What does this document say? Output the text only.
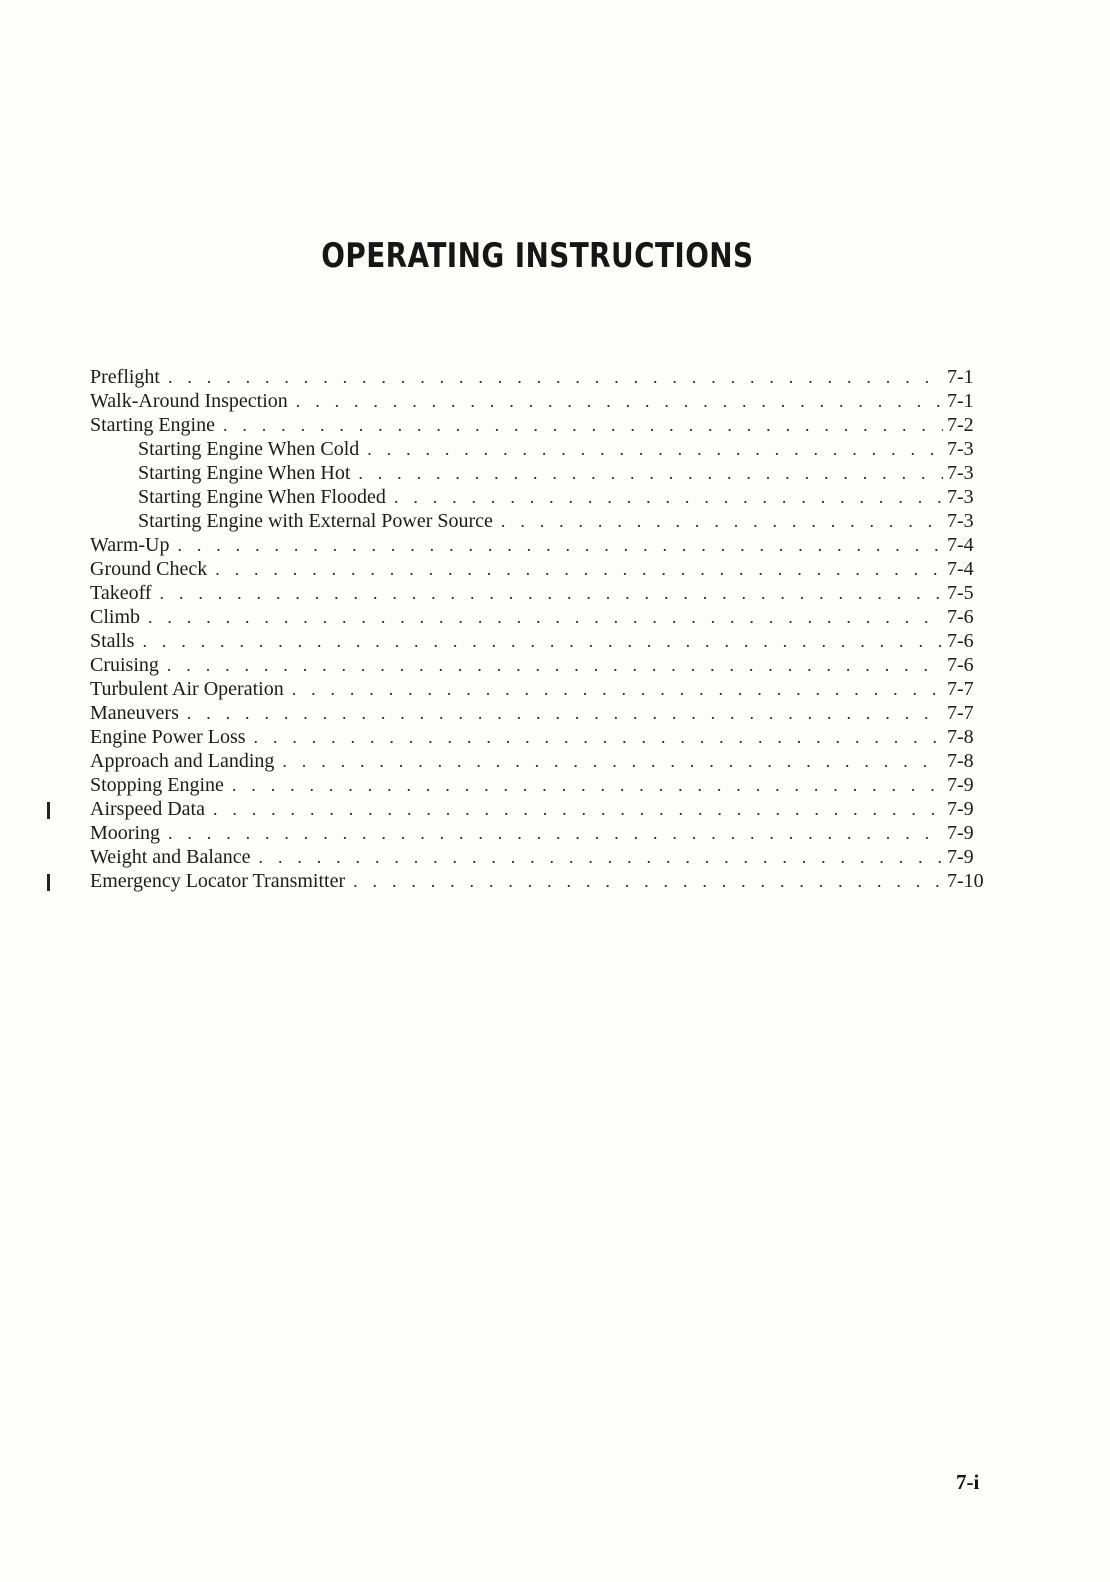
OPERATING INSTRUCTIONS
Preflight . . .	7-1
Walk-Around Inspection . . .	7-1
Starting Engine . . .	7-2
Starting Engine When Cold . . .	7-3
Starting Engine When Hot . . .	7-3
Starting Engine When Flooded . . .	7-3
Starting Engine with External Power Source . . .	7-3
Warm-Up . . .	7-4
Ground Check . . .	7-4
Takeoff . . .	7-5
Climb . . .	7-6
Stalls . . .	7-6
Cruising . . .	7-6
Turbulent Air Operation . . .	7-7
Maneuvers . . .	7-7
Engine Power Loss . . .	7-8
Approach and Landing . . .	7-8
Stopping Engine . . .	7-9
Airspeed Data . . .	7-9
Mooring . . .	7-9
Weight and Balance . . .	7-9
Emergency Locator Transmitter . . .	7-10
7-i
